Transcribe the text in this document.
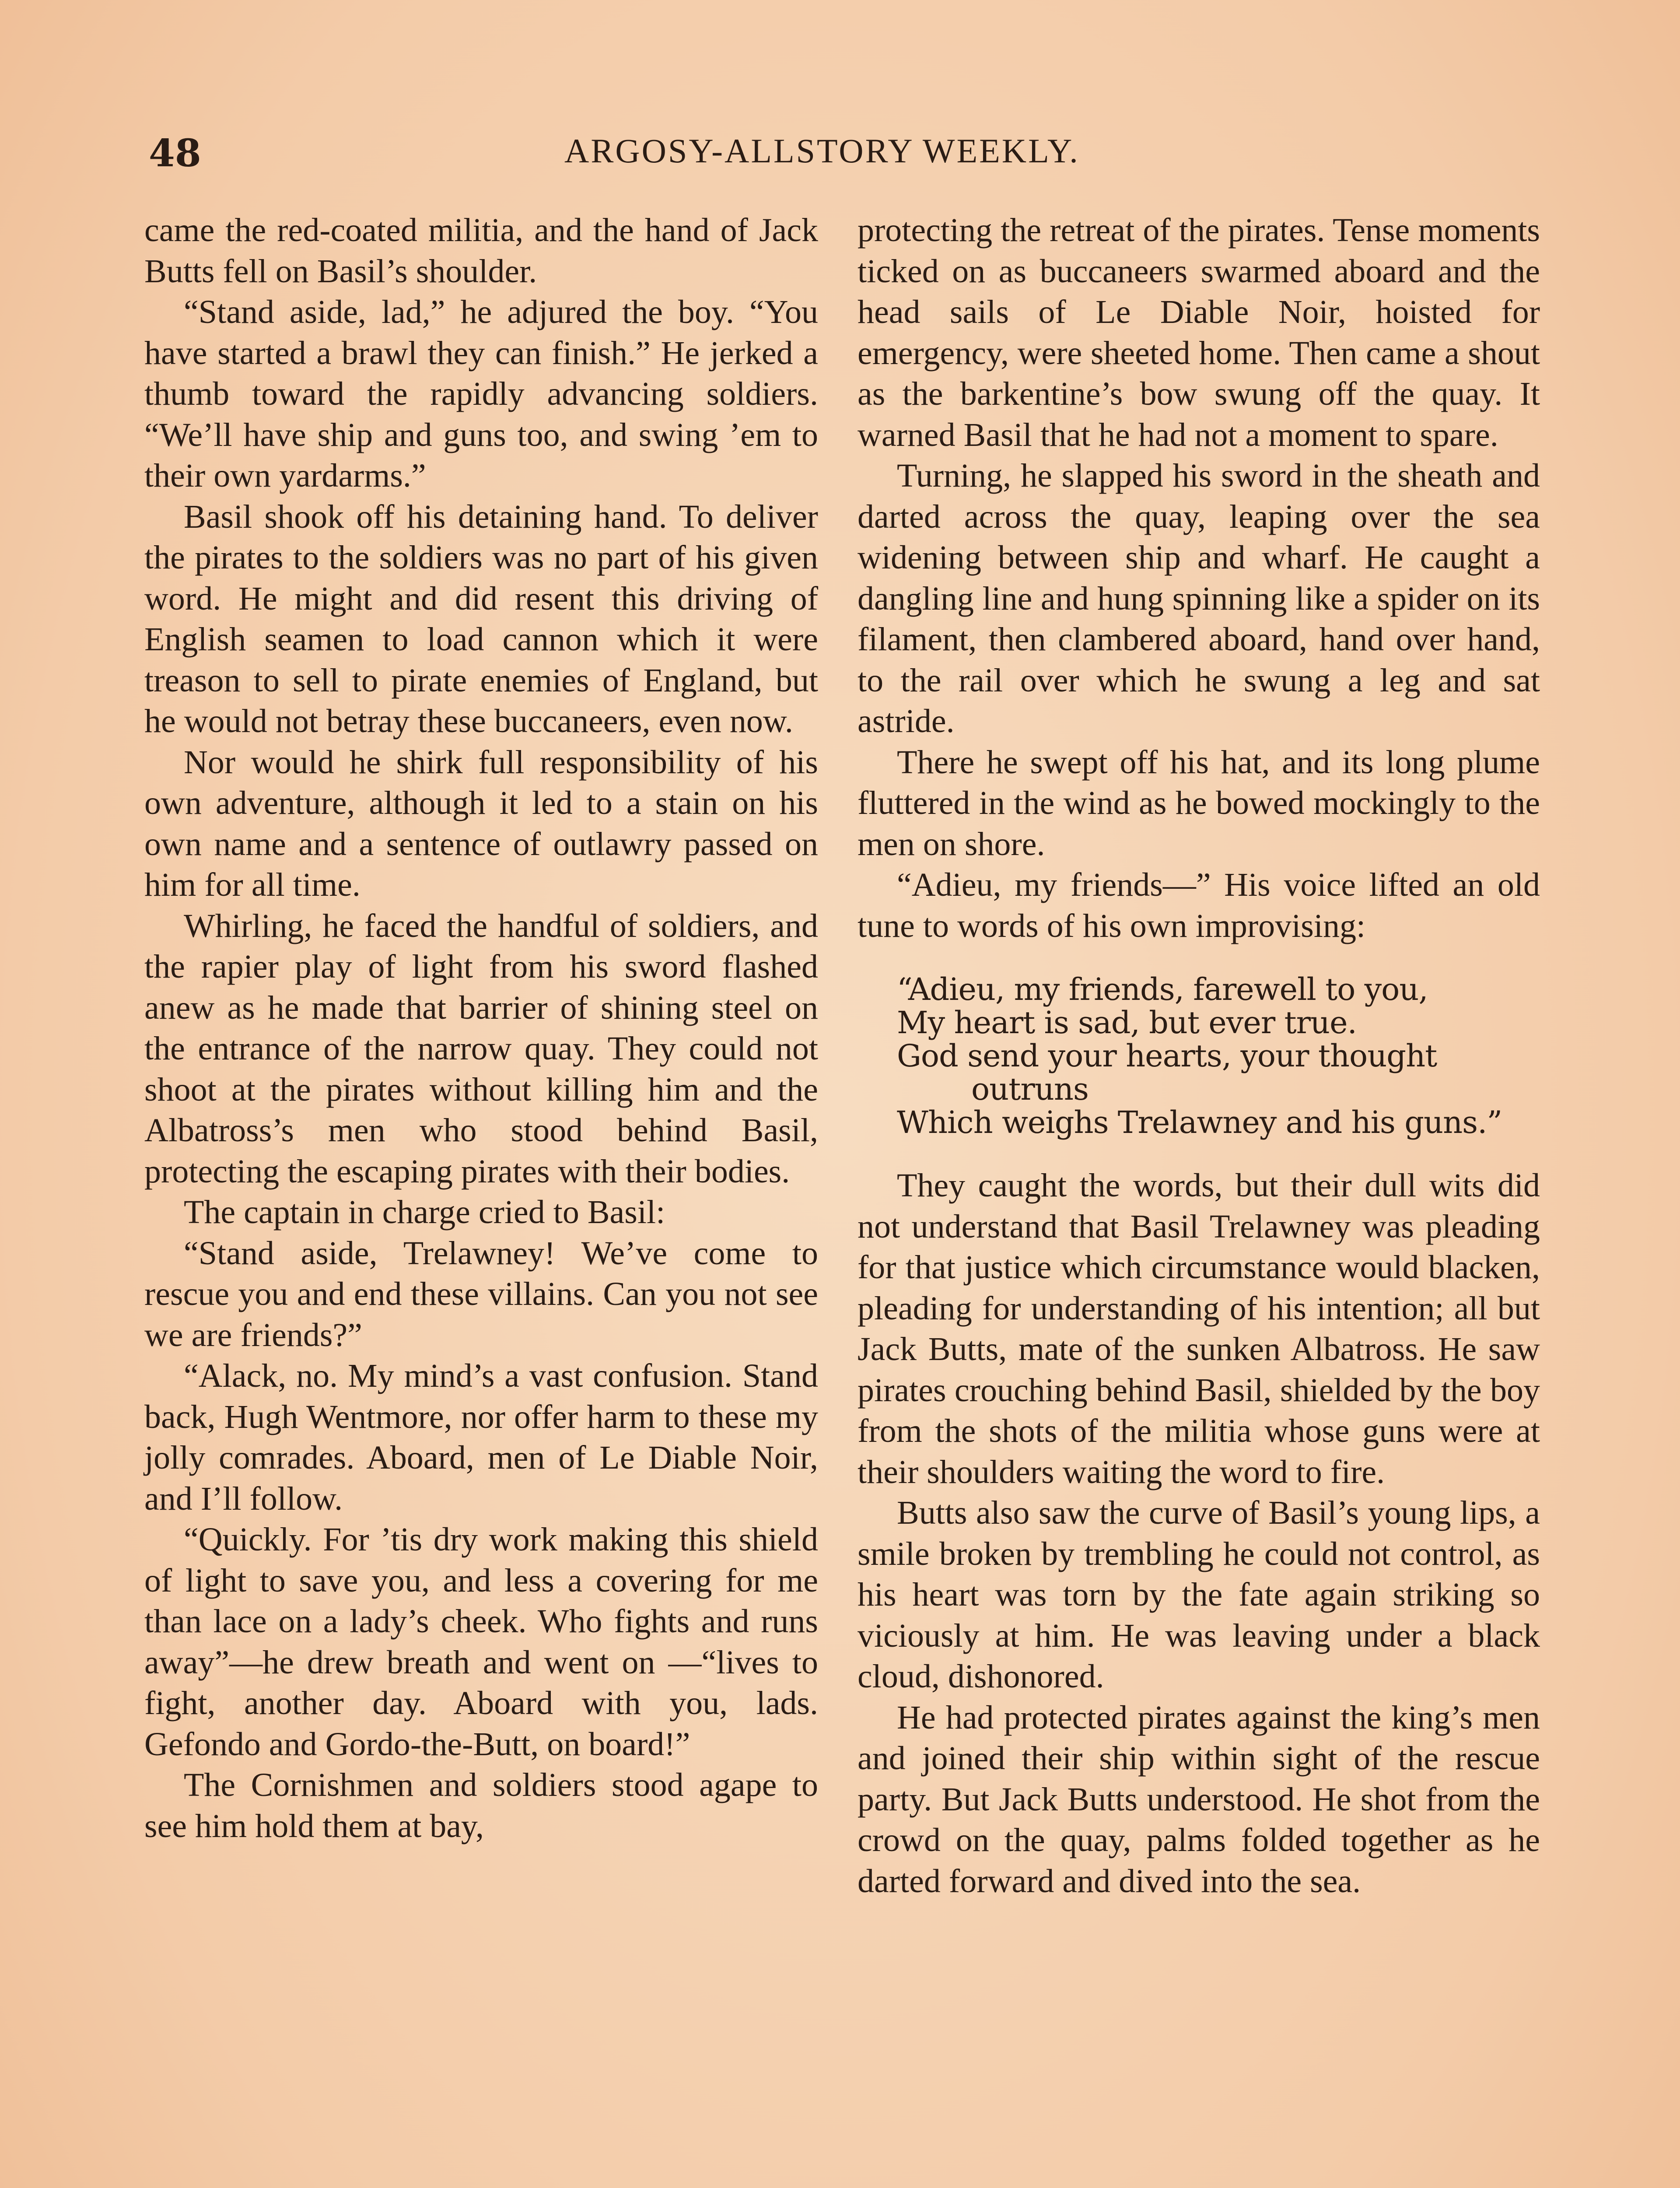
48	ARGOSY-ALLSTORY WEEKLY.

came the red-coated militia, and the hand of Jack Butts fell on Basil’s shoulder.

“Stand aside, lad,” he adjured the boy. “You have started a brawl they can finish.” He jerked a thumb toward the rapidly advancing soldiers. “We’ll have ship and guns too, and swing ’em to their own yardarms.”

Basil shook off his detaining hand. To deliver the pirates to the soldiers was no part of his given word. He might and did resent this driving of English seamen to load cannon which it were treason to sell to pirate enemies of England, but he would not betray these buccaneers, even now.

Nor would he shirk full responsibility of his own adventure, although it led to a stain on his own name and a sentence of outlawry passed on him for all time.

Whirling, he faced the handful of soldiers, and the rapier play of light from his sword flashed anew as he made that barrier of shining steel on the entrance of the narrow quay. They could not shoot at the pirates without killing him and the Albatross’s men who stood behind Basil, protecting the escaping pirates with their bodies.

The captain in charge cried to Basil:

“Stand aside, Trelawney! We’ve come to rescue you and end these villains. Can you not see we are friends?”

“Alack, no. My mind’s a vast confusion. Stand back, Hugh Wentmore, nor offer harm to these my jolly comrades. Aboard, men of Le Diable Noir, and I’ll follow.

“Quickly. For ’tis dry work making this shield of light to save you, and less a covering for me than lace on a lady’s cheek. Who fights and runs away”—he drew breath and went on —“lives to fight, another day. Aboard with you, lads. Gefondo and Gordo-the-Butt, on board!”

The Cornishmen and soldiers stood agape to see him hold them at bay,

protecting the retreat of the pirates. Tense moments ticked on as buccaneers swarmed aboard and the head sails of Le Diable Noir, hoisted for emergency, were sheeted home. Then came a shout as the barkentine’s bow swung off the quay. It warned Basil that he had not a moment to spare.

Turning, he slapped his sword in the sheath and darted across the quay, leaping over the sea widening between ship and wharf. He caught a dangling line and hung spinning like a spider on its filament, then clambered aboard, hand over hand, to the rail over which he swung a leg and sat astride.

There he swept off his hat, and its long plume fluttered in the wind as he bowed mockingly to the men on shore.

“Adieu, my friends—” His voice lifted an old tune to words of his own improvising:

“Adieu, my friends, farewell to you,
My heart is sad, but ever true.
God send your hearts, your thought
outruns
Which weighs Trelawney and his guns.”

They caught the words, but their dull wits did not understand that Basil Trelawney was pleading for that justice which circumstance would blacken, pleading for understanding of his intention; all but Jack Butts, mate of the sunken Albatross. He saw pirates crouching behind Basil, shielded by the boy from the shots of the militia whose guns were at their shoulders waiting the word to fire.

Butts also saw the curve of Basil’s young lips, a smile broken by trembling he could not control, as his heart was torn by the fate again striking so viciously at him. He was leaving under a black cloud, dishonored.

He had protected pirates against the king’s men and joined their ship within sight of the rescue party. But Jack Butts understood. He shot from the crowd on the quay, palms folded together as he darted forward and dived into the sea.
